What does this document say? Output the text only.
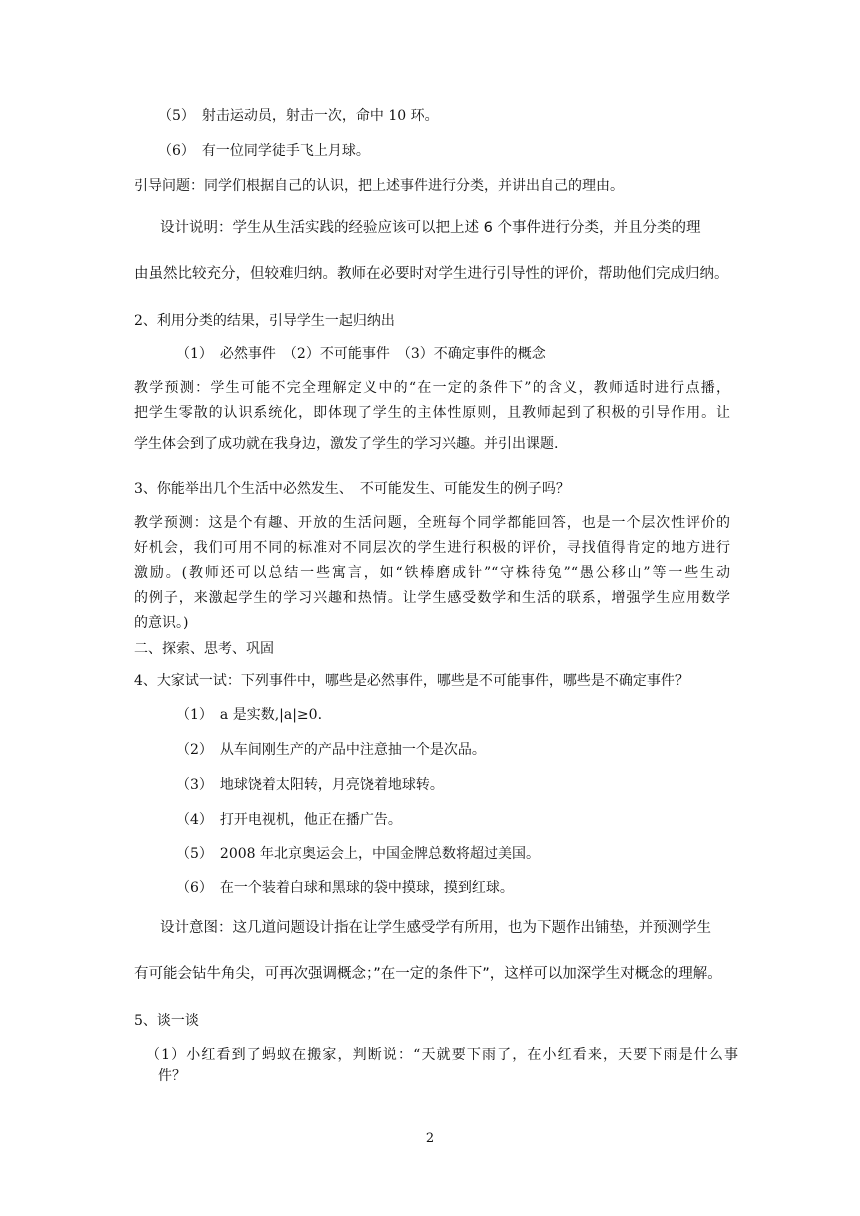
（5）　射击运动员，射击一次，命中 10 环。
（6）　有一位同学徒手飞上月球。
引导问题：同学们根据自己的认识，把上述事件进行分类，并讲出自己的理由。
设计说明：学生从生活实践的经验应该可以把上述 6 个事件进行分类，并且分类的理
由虽然比较充分，但较难归纳。教师在必要时对学生进行引导性的评价，帮助他们完成归纳。
2、利用分类的结果，引导学生一起归纳出
（1）　必然事件　（2）不可能事件　（3）不确定事件的概念
教学预测：学生可能不完全理解定义中的“在一定的条件下”的含义，教师适时进行点播，
把学生零散的认识系统化，即体现了学生的主体性原则，且教师起到了积极的引导作用。让
学生体会到了成功就在我身边，激发了学生的学习兴趣。并引出课题.
3、你能举出几个生活中必然发生、　不可能发生、可能发生的例子吗？
教学预测：这是个有趣、开放的生活问题，全班每个同学都能回答，也是一个层次性评价的
好机会，我们可用不同的标准对不同层次的学生进行积极的评价，寻找值得肯定的地方进行
激励。(教师还可以总结一些寓言，如“铁棒磨成针”“守株待兔”“愚公移山”等一些生动
的例子，来激起学生的学习兴趣和热情。让学生感受数学和生活的联系，增强学生应用数学
的意识。)
二、探索、思考、巩固
4、大家试一试：下列事件中，哪些是必然事件，哪些是不可能事件，哪些是不确定事件？
（1）　a 是实数,|a|≥0.
（2）　从车间刚生产的产品中注意抽一个是次品。
（3）　地球饶着太阳转，月亮饶着地球转。
（4）　打开电视机，他正在播广告。
（5）　2008 年北京奥运会上，中国金牌总数将超过美国。
（6）　在一个装着白球和黑球的袋中摸球，摸到红球。
设计意图：这几道问题设计指在让学生感受学有所用，也为下题作出铺垫，并预测学生
有可能会钻牛角尖，可再次强调概念；”在一定的条件下”，这样可以加深学生对概念的理解。
5、谈一谈
（1）小红看到了蚂蚁在搬家，判断说：“天就要下雨了，在小红看来，天要下雨是什么事
件？
2
